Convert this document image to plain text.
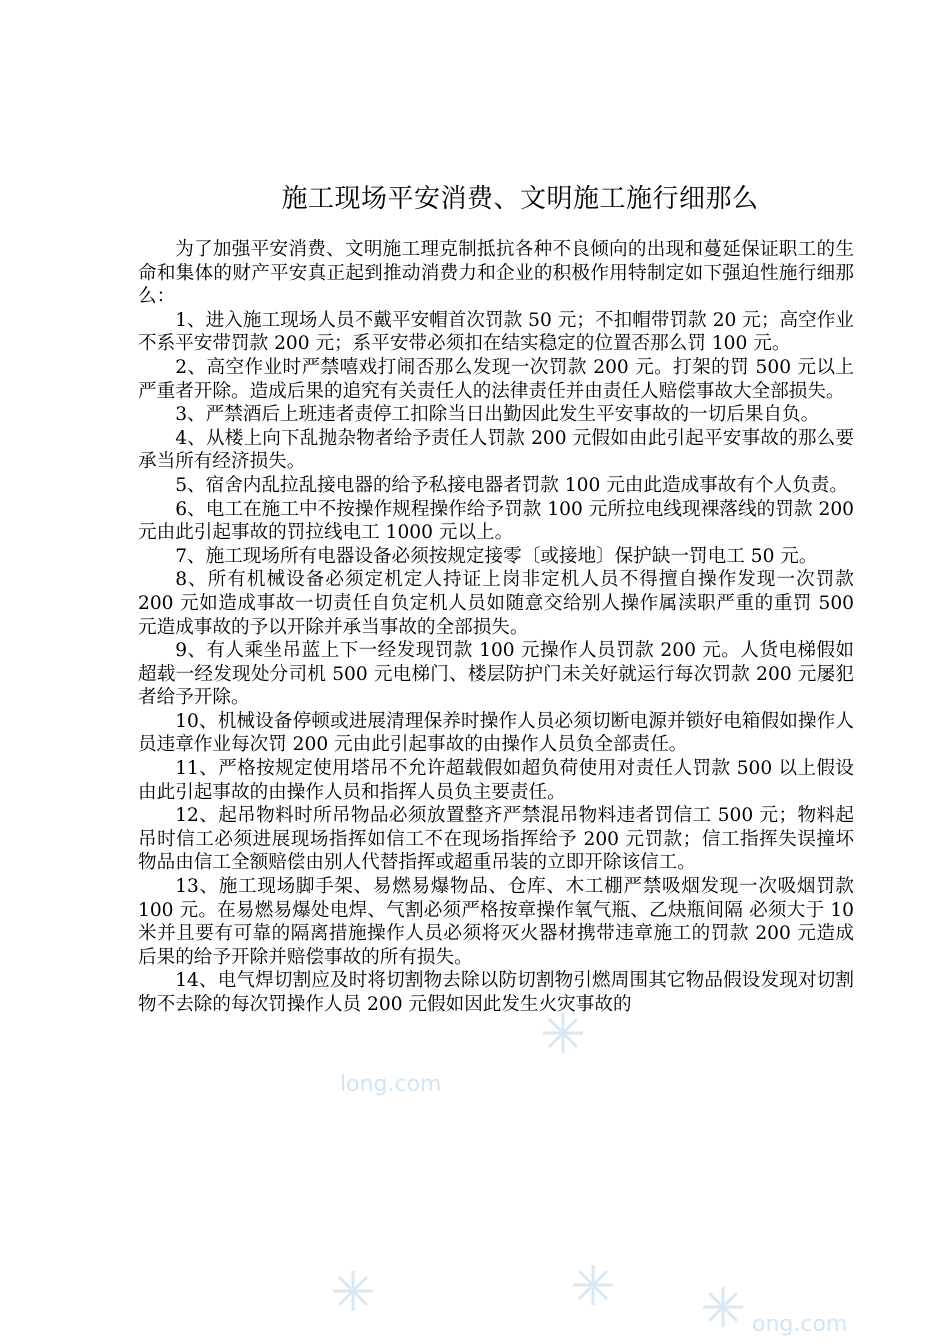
long.com
ong.com
施工现场平安消费、文明施工施行细那么

为了加强平安消费、文明施工理克制抵抗各种不良倾向的出现和蔓延保证职工的生命和集体的财产平安真正起到推动消费力和企业的积极作用特制定如下强迫性施行细那么：

1、进入施工现场人员不戴平安帽首次罚款 50 元；不扣帽带罚款 20 元；高空作业不系平安带罚款 200 元；系平安带必须扣在结实稳定的位置否那么罚 100 元。

2、高空作业时严禁嘻戏打闹否那么发现一次罚款 200 元。打架的罚 500 元以上严重者开除。造成后果的追究有关责任人的法律责任并由责任人赔偿事故大全部损失。

3、严禁酒后上班违者责停工扣除当日出勤因此发生平安事故的一切后果自负。

4、从楼上向下乱抛杂物者给予责任人罚款 200 元假如由此引起平安事故的那么要承当所有经济损失。

5、宿舍内乱拉乱接电器的给予私接电器者罚款 100 元由此造成事故有个人负责。

6、电工在施工中不按操作规程操作给予罚款 100 元所拉电线现裸落线的罚款 200 元由此引起事故的罚拉线电工 1000 元以上。

7、施工现场所有电器设备必须按规定接零〔或接地〕保护缺一罚电工 50 元。

8、所有机械设备必须定机定人持证上岗非定机人员不得擅自操作发现一次罚款 200 元如造成事故一切责任自负定机人员如随意交给别人操作属渎职严重的重罚 500 元造成事故的予以开除并承当事故的全部损失。

9、有人乘坐吊蓝上下一经发现罚款 100 元操作人员罚款 200 元。人货电梯假如超载一经发现处分司机 500 元电梯门、楼层防护门未关好就运行每次罚款 200 元屡犯者给予开除。

10、机械设备停顿或进展清理保养时操作人员必须切断电源并锁好电箱假如操作人员违章作业每次罚 200 元由此引起事故的由操作人员负全部责任。

11、严格按规定使用塔吊不允许超载假如超负荷使用对责任人罚款 500 以上假设由此引起事故的由操作人员和指挥人员负主要责任。

12、起吊物料时所吊物品必须放置整齐严禁混吊物料违者罚信工 500 元；物料起吊时信工必须进展现场指挥如信工不在现场指挥给予 200 元罚款；信工指挥失误撞坏物品由信工全额赔偿由别人代替指挥或超重吊装的立即开除该信工。

13、施工现场脚手架、易燃易爆物品、仓库、木工棚严禁吸烟发现一次吸烟罚款 100 元。在易燃易爆处电焊、气割必须严格按章操作氧气瓶、乙炔瓶间隔 必须大于 10 米并且要有可靠的隔离措施操作人员必须将灭火器材携带违章施工的罚款 200 元造成后果的给予开除并赔偿事故的所有损失。

14、电气焊切割应及时将切割物去除以防切割物引燃周围其它物品假设发现对切割物不去除的每次罚操作人员 200 元假如因此发生火灾事故的
